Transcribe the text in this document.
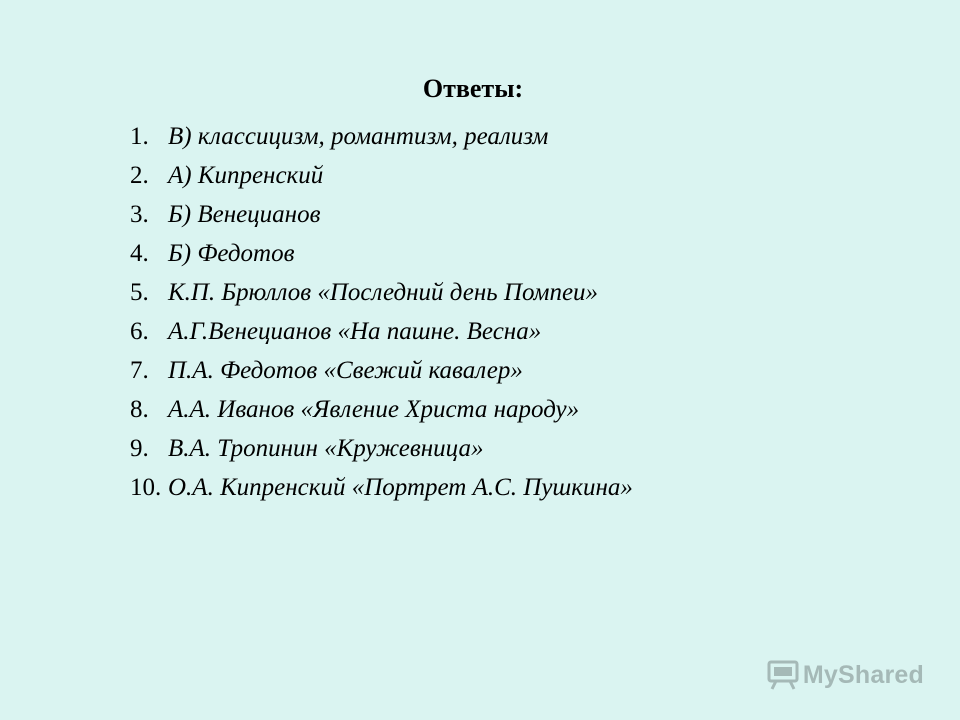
Ответы:
1. В) классицизм, романтизм, реализм
2. А) Кипренский
3. Б) Венецианов
4. Б) Федотов
5. К.П. Брюллов «Последний день Помпеи»
6. А.Г.Венецианов «На пашне. Весна»
7. П.А. Федотов «Свежий кавалер»
8. А.А. Иванов «Явление Христа народу»
9. В.А. Тропинин «Кружевница»
10. О.А. Кипренский «Портрет А.С. Пушкина»
MyShared
